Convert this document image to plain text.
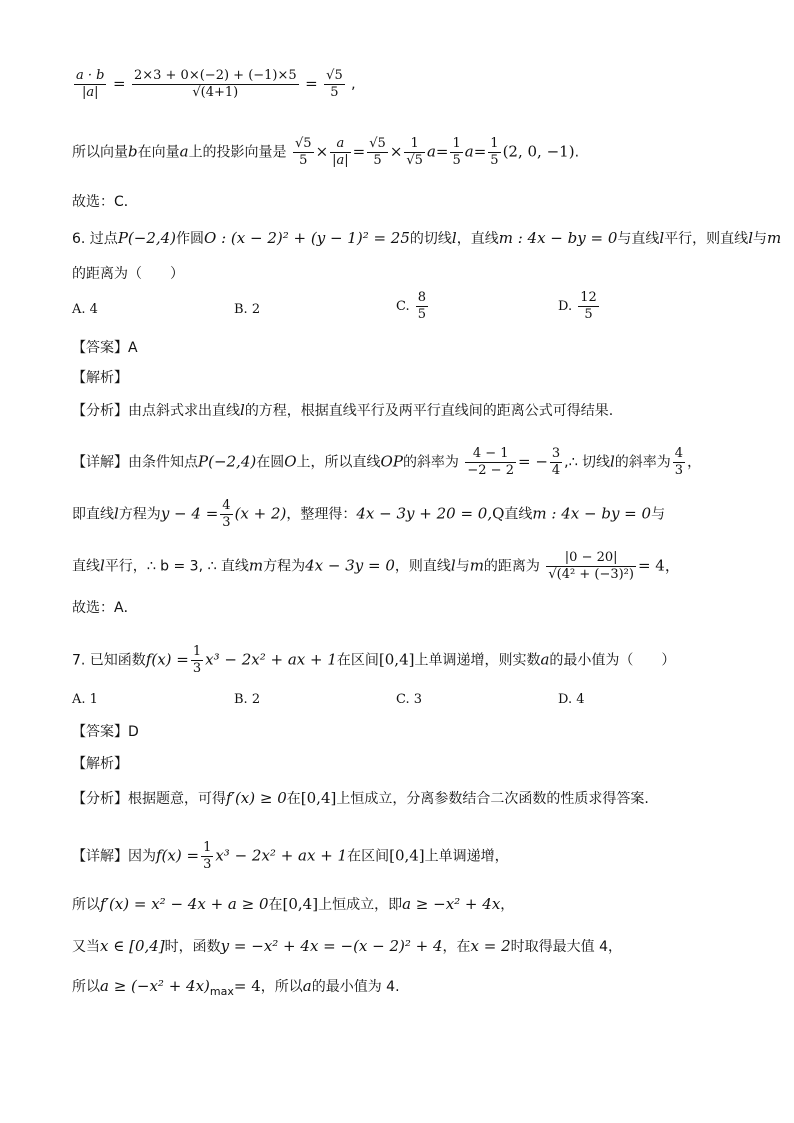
$\frac{a \cdot b}{|a|} = \frac{2\times 3 + 0\times(-2) + (-1)\times 5}{√(4+1)} = \frac{√5}{5}$ ,
所以向量b在向量a上的投影向量是 $\frac{√5}{5} \times \frac{a}{|a|} = \frac{√5}{5} \times \frac{1}{√5} a= \frac{1}{5} a= \frac{1}{5} (2$, 0, −1).
故选：C．
6. 过点P(−2,4)作圆O : (x − 2)² + (y − 1)² = 25的切线l，直线m : 4x − by = 0与直线l平行，则直线l与m
的距离为（　　）
A. 4	B. 2	C. $\frac{8}{5}$	D. $\frac{12}{5}$
【答案】A
【解析】
【分析】由点斜式求出直线l的方程，根据直线平行及两平行直线间的距离公式可得结果.
【详解】由条件知点P(−2,4)在圆O上，所以直线OP的斜率为 $\frac{4 - 1}{-2 - 2}$ = − $\frac{3}{4}$ ,∴ 切线l的斜率为 $\frac{4}{3}$ ，
即直线l方程为$y - 4 = \frac{4}{3} (x + 2)$，整理得：4x − 3y + 20 = 0,Q直线m : 4x − by = 0与
直线l平行，∴ b = 3, ∴ 直线m方程为4x − 3y = 0，则直线l与m的距离为 $\frac{|0 - 20|}{\text{√(4² + (−3)²)}} = 4$，
故选：A．
7. 已知函数$f(x) = \frac{1}{3} x^3 - 2x^2$ + ax + 1在区间[0,4]上单调递增，则实数a的最小值为（　　）
A. 1	B. 2	C. 3	D. 4
【答案】D
【解析】
【分析】根据题意，可得f′(x) ≥ 0在[0,4]上恒成立，分离参数结合二次函数的性质求得答案.
【详解】因为$f(x) = \frac{1}{3} x^3 - 2x^2$ + ax + 1在区间[0,4]上单调递增，
所以f′(x) = x² − 4x + a ≥ 0在[0,4]上恒成立，即a ≥ −x² + 4x，
又当x ∈ [0,4]时，函数y = −x² + 4x = −(x − 2)² + 4，在x = 2时取得最大值 4，
所以$a \ge (-x^2 + 4x)_{max}= 4$，所以a的最小值为 4.
